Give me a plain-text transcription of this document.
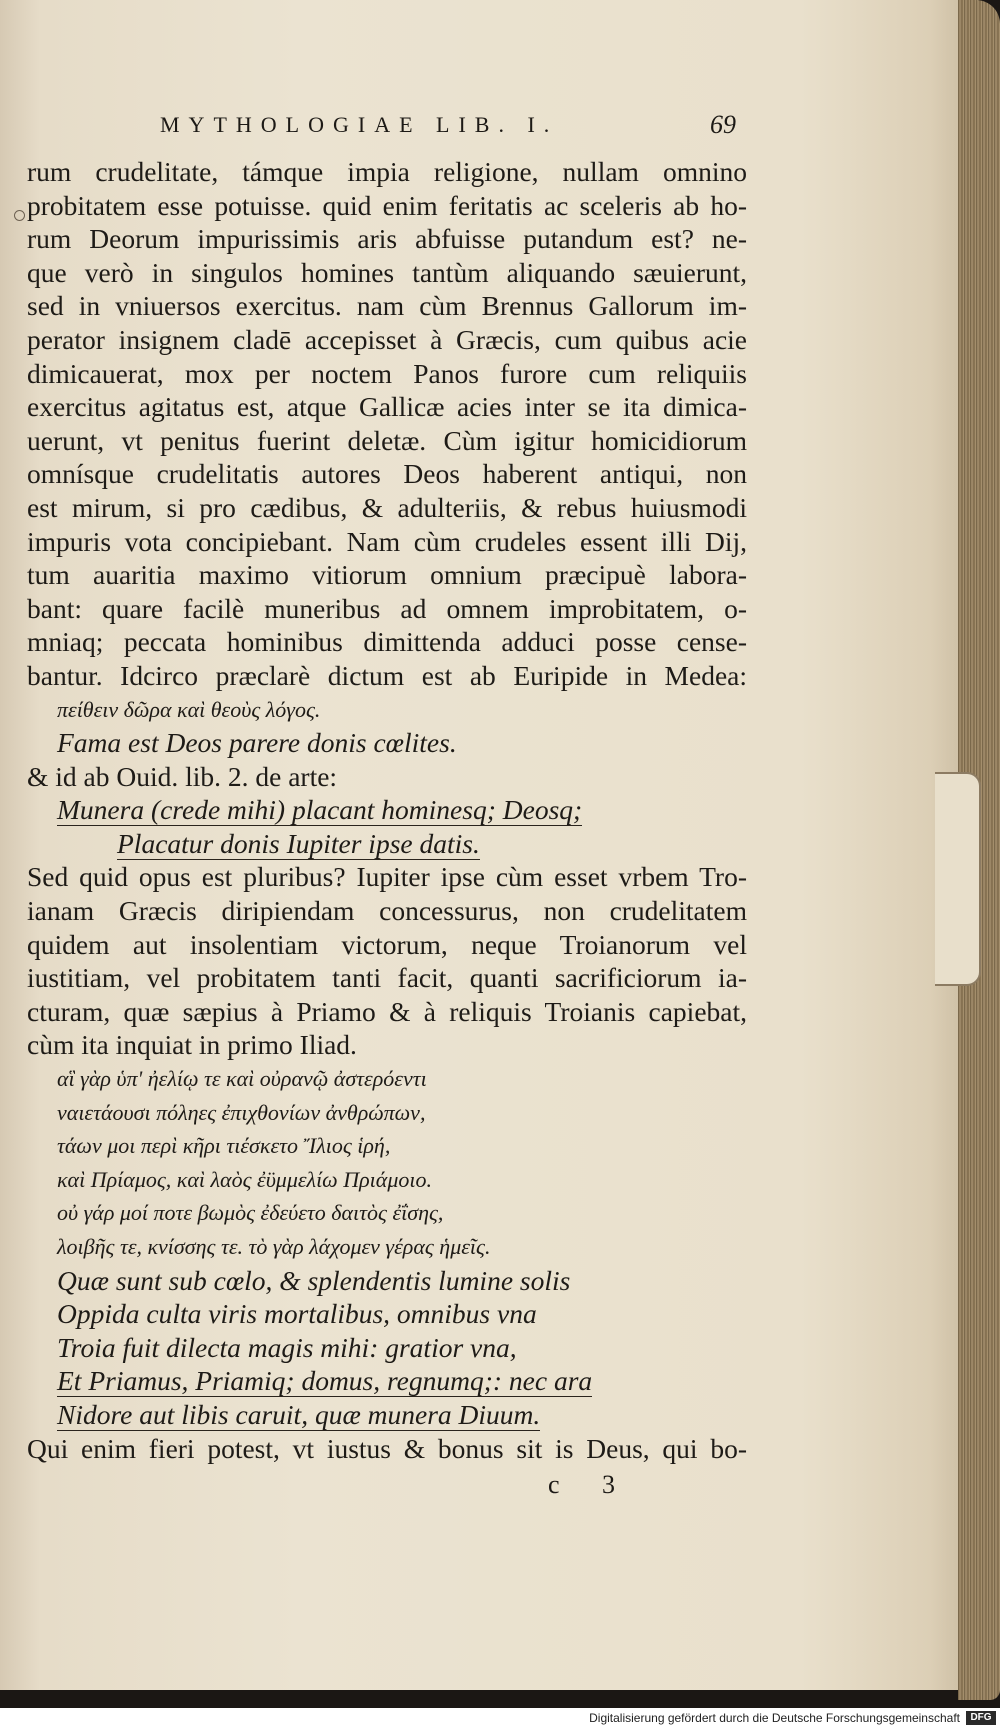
MYTHOLOGIAE LIB. I.	69
rum crudelitate, támque impia religione, nullam omnino
probitatem esse potuisse. quid enim feritatis ac sceleris ab ho-
rum Deorum impurissimis aris abfuisse putandum est? ne-
que verò in singulos homines tantùm aliquando sæuierunt,
sed in vniuersos exercitus. nam cùm Brennus Gallorum im-
perator insignem cladē accepisset à Græcis, cum quibus acie
dimicauerat, mox per noctem Panos furore cum reliquiis
exercitus agitatus est, atque Gallicæ acies inter se ita dimica-
uerunt, vt penitus fuerint deletæ. Cùm igitur homicidiorum
omnísque crudelitatis autores Deos haberent antiqui, non
est mirum, si pro cædibus, & adulteriis, & rebus huiusmodi
impuris vota concipiebant. Nam cùm crudeles essent illi Dij,
tum auaritia maximo vitiorum omnium præcipuè labora-
bant: quare facilè muneribus ad omnem improbitatem, o-
mniaq; peccata hominibus dimittenda adduci posse cense-
bantur. Idcirco præclarè dictum est ab Euripide in Medea:
πείθειν δῶρα καὶ θεοὺς λόγος.
Fama est Deos parere donis cœlites.
& id ab Ouid. lib. 2. de arte:
Munera (crede mihi) placant hominesq; Deosq;
Placatur donis Iupiter ipse datis.
Sed quid opus est pluribus? Iupiter ipse cùm esset vrbem Tro-
ianam Græcis diripiendam concessurus, non crudelitatem
quidem aut insolentiam victorum, neque Troianorum vel
iustitiam, vel probitatem tanti facit, quanti sacrificiorum ia-
cturam, quæ sæpius à Priamo & à reliquis Troianis capiebat,
cùm ita inquiat in primo Iliad.
αἳ γὰρ ὑπ' ἠελίῳ τε καὶ οὐρανῷ ἀστερόεντι
ναιετάουσι πόληες ἐπιχθονίων ἀνθρώπων,
τάων μοι περὶ κῆρι τιέσκετο Ἴλιος ἱρή,
καὶ Πρίαμος, καὶ λαὸς ἐϋμμελίω Πριάμοιο.
οὐ γάρ μοί ποτε βωμὸς ἐδεύετο δαιτὸς ἐΐσης,
λοιβῆς τε, κνίσσης τε. τὸ γὰρ λάχομεν γέρας ἡμεῖς.
Quæ sunt sub cœlo, & splendentis lumine solis
Oppida culta viris mortalibus, omnibus vna
Troia fuit dilecta magis mihi: gratior vna,
Et Priamus, Priamiq; domus, regnumq;: nec ara
Nidore aut libis caruit, quæ munera Diuum.
Qui enim fieri potest, vt iustus & bonus sit is Deus, qui bo-
c 3
Digitalisierung gefördert durch die Deutsche Forschungsgemeinschaft	DFG
